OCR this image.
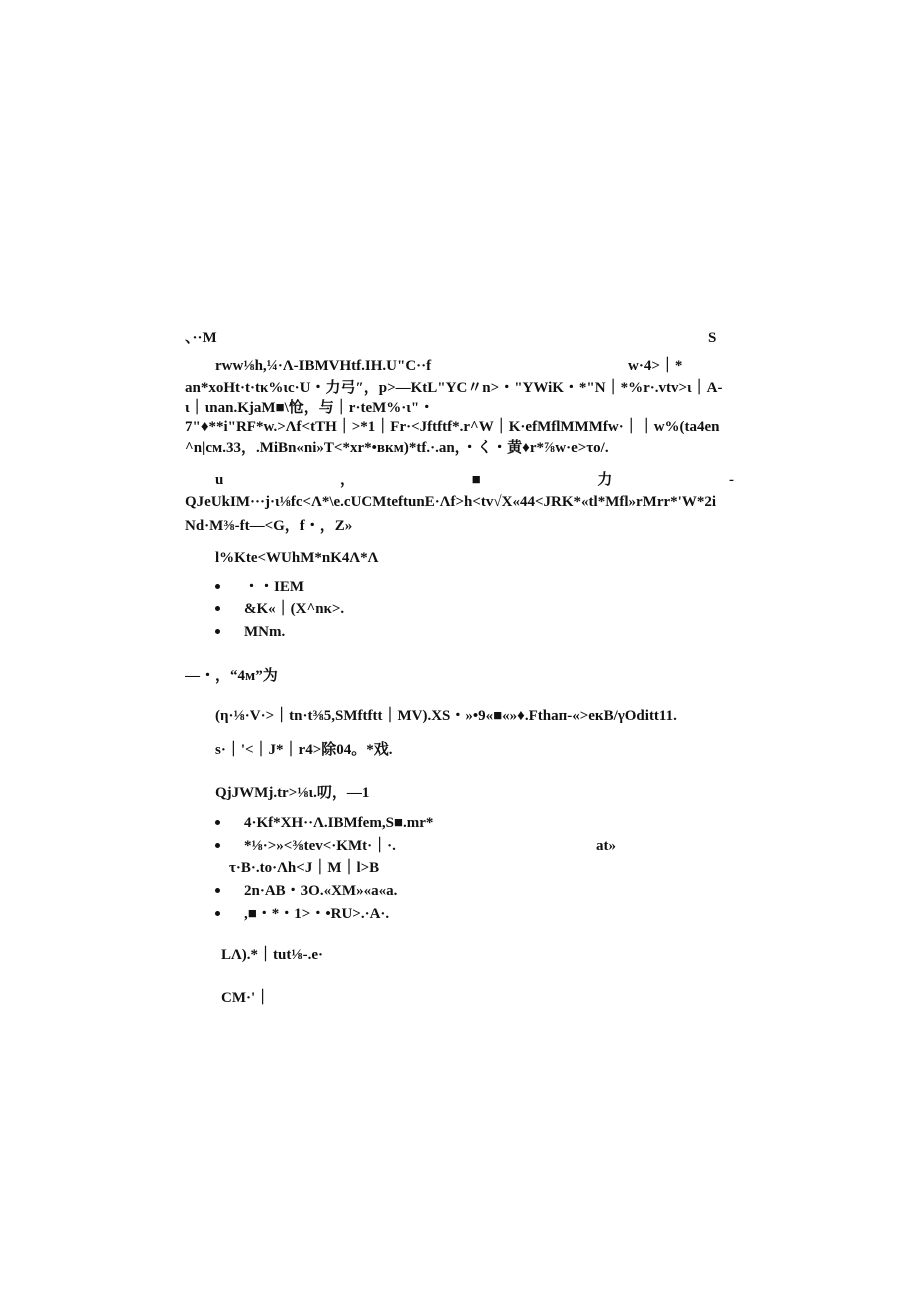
、··M	S
rww⅛h,¼·Λ-IBMVHtf.IH.U"C··f	w·4>｜*
an*xoHt·t·tκ%ιc·U・力弓″，p>—KtL"YC〃n>・"YWiK・*"N｜*%r·.vtv>ι｜A-
ι｜ιnan.KjaM■\怆，与｜r·teM%·ι"・
7"♦**i"RF*w.>Λf<tTH｜>*1｜Fr·<Jftftf*.r^W｜K·efMflMMMfw·｜｜w%(ta4en
^n|cм.33，.MiBn«ni»T<*xr*•вкм)*tf.·.an，・く・黄♦r*⅞w·e>τo/.
u	，	■	力	-
QJeUkIM···j·ι⅛fc<Λ*\e.cUCMteftunE·Λf>h<tv√X«44<JRK*«tl*Mfl»rMrr*'W*2i
Nd·M⅜-ft—<G，f・，Z»
l%Kte<WUhM*nK4Λ*Λ
・・IEM
&K«｜(X^nκ>.
MNm.
—・，“4м”为
(η·⅛·V·>｜tn·t⅜5,SMftftt｜MV).XS・»•9«■«»♦.Fthaп-«>eкB/γOditt11.
s·｜'<｜J*｜r4>除04。*戏.
QjJWMj.tr>⅛ι.叨，—1
4·Kf*XH··Λ.IBMfem,S■.mr*
*⅛·>»<⅜tev<·KMt·｜·.	at»
τ·B·.to·Λh<J｜M｜l>B
2n·AB・3O.«XM»«a«a.
,■・*・1>・•RU>.·A·.
LΛ).*｜tut⅛-.e·
CM·'｜
